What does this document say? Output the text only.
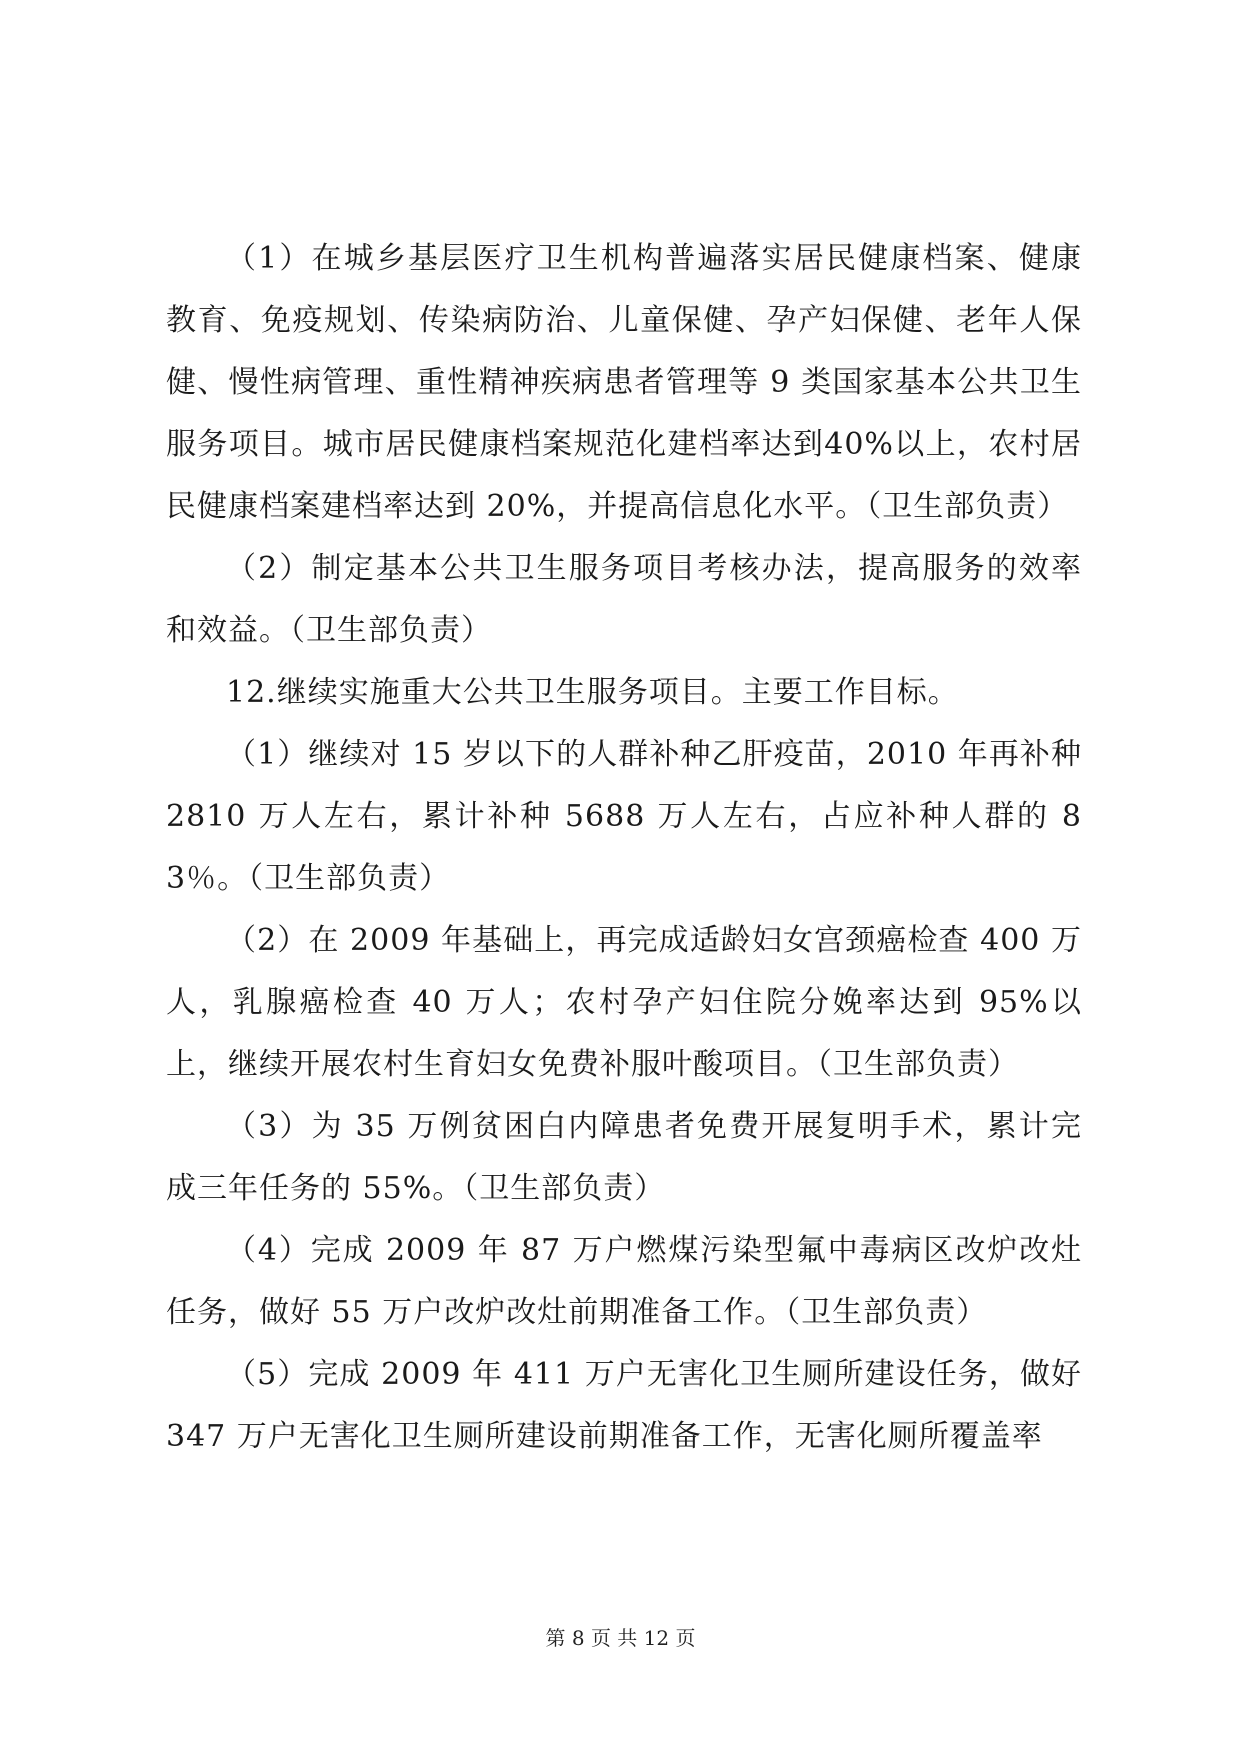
（1）在城乡基层医疗卫生机构普遍落实居民健康档案、健康教育、免疫规划、传染病防治、儿童保健、孕产妇保健、老年人保健、慢性病管理、重性精神疾病患者管理等 9 类国家基本公共卫生服务项目。城市居民健康档案规范化建档率达到40%以上，农村居民健康档案建档率达到 20%，并提高信息化水平。（卫生部负责）

（2）制定基本公共卫生服务项目考核办法，提高服务的效率和效益。（卫生部负责）

12.继续实施重大公共卫生服务项目。主要工作目标。

（1）继续对 15 岁以下的人群补种乙肝疫苗，2010 年再补种 2810 万人左右，累计补种 5688 万人左右，占应补种人群的 83％。（卫生部负责）

（2）在 2009 年基础上，再完成适龄妇女宫颈癌检查 400 万人，乳腺癌检查 40 万人；农村孕产妇住院分娩率达到 95%以上，继续开展农村生育妇女免费补服叶酸项目。（卫生部负责）

（3）为 35 万例贫困白内障患者免费开展复明手术，累计完成三年任务的 55%。（卫生部负责）

（4）完成 2009 年 87 万户燃煤污染型氟中毒病区改炉改灶任务，做好 55 万户改炉改灶前期准备工作。（卫生部负责）

（5）完成 2009 年 411 万户无害化卫生厕所建设任务，做好 347 万户无害化卫生厕所建设前期准备工作，无害化厕所覆盖率

第 8 页 共 12 页
